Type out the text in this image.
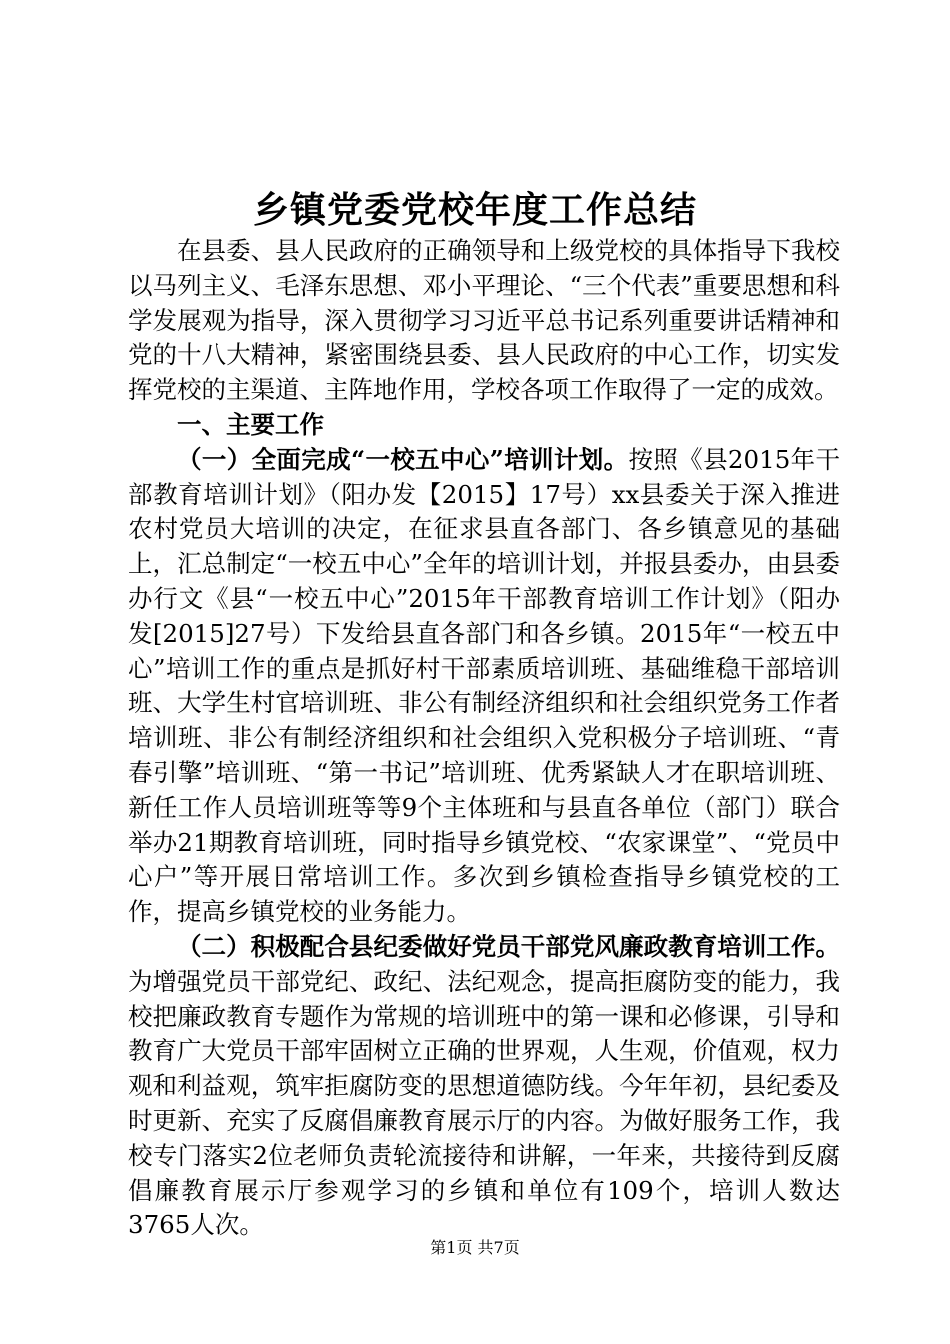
乡镇党委党校年度工作总结

在县委、县人民政府的正确领导和上级党校的具体指导下我校以马列主义、毛泽东思想、邓小平理论、“三个代表”重要思想和科学发展观为指导，深入贯彻学习习近平总书记系列重要讲话精神和党的十八大精神，紧密围绕县委、县人民政府的中心工作，切实发挥党校的主渠道、主阵地作用，学校各项工作取得了一定的成效。

一、主要工作

（一）全面完成“一校五中心”培训计划。按照《县2015年干部教育培训计划》（阳办发【2015】17号）xx县委关于深入推进农村党员大培训的决定，在征求县直各部门、各乡镇意见的基础上，汇总制定“一校五中心”全年的培训计划，并报县委办，由县委办行文《县“一校五中心”2015年干部教育培训工作计划》（阳办发[2015]27号）下发给县直各部门和各乡镇。2015年“一校五中心”培训工作的重点是抓好村干部素质培训班、基础维稳干部培训班、大学生村官培训班、非公有制经济组织和社会组织党务工作者培训班、非公有制经济组织和社会组织入党积极分子培训班、“青春引擎”培训班、“第一书记”培训班、优秀紧缺人才在职培训班、新任工作人员培训班等等9个主体班和与县直各单位（部门）联合举办21期教育培训班，同时指导乡镇党校、“农家课堂”、“党员中心户”等开展日常培训工作。多次到乡镇检查指导乡镇党校的工作，提高乡镇党校的业务能力。

（二）积极配合县纪委做好党员干部党风廉政教育培训工作。为增强党员干部党纪、政纪、法纪观念，提高拒腐防变的能力，我校把廉政教育专题作为常规的培训班中的第一课和必修课，引导和教育广大党员干部牢固树立正确的世界观，人生观，价值观，权力观和利益观，筑牢拒腐防变的思想道德防线。今年年初，县纪委及时更新、充实了反腐倡廉教育展示厅的内容。为做好服务工作，我校专门落实2位老师负责轮流接待和讲解，一年来，共接待到反腐倡廉教育展示厅参观学习的乡镇和单位有109个，培训人数达3765人次。

第1页 共7页
